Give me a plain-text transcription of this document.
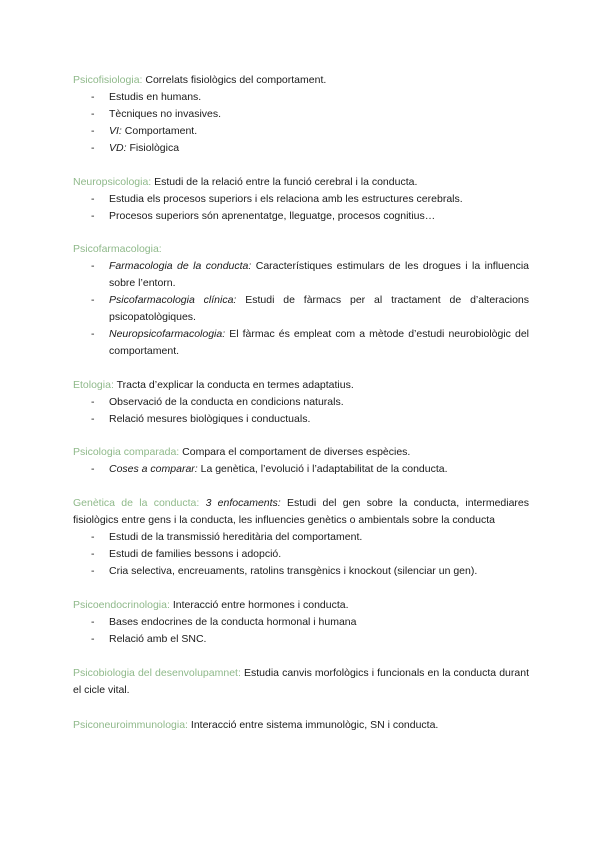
Psicofisiologia: Correlats fisiològics del comportament.

- Estudis en humans.
- Tècniques no invasives.
- VI: Comportament.
- VD: Fisiològica

Neuropsicologia: Estudi de la relació entre la funció cerebral i la conducta.

- Estudia els procesos superiors i els relaciona amb les estructures cerebrals.
- Procesos superiors són aprenentatge, lleguatge, procesos cognitius…

Psicofarmacologia:

- Farmacologia de la conducta: Característiques estimulars de les drogues i la influencia sobre l’entorn.
- Psicofarmacologia clínica: Estudi de fàrmacs per al tractament de d’alteracions psicopatològiques.
- Neuropsicofarmacologia: El fàrmac és empleat com a mètode d’estudi neurobiològic del comportament.

Etologia: Tracta d’explicar la conducta en termes adaptatius.

- Observació de la conducta en condicions naturals.
- Relació mesures biològiques i conductuals.

Psicologia comparada: Compara el comportament de diverses espècies.

- Coses a comparar: La genètica, l’evolució i l’adaptabilitat de la conducta.

Genètica de la conducta: 3 enfocaments: Estudi del gen sobre la conducta, intermediares fisiològics entre gens i la conducta, les influencies genètics o ambientals sobre la conducta

- Estudi de la transmissió hereditària del comportament.
- Estudi de families bessons i adopció.
- Cria selectiva, encreuaments, ratolins transgènics i knockout (silenciar un gen).

Psicoendocrinologia: Interacció entre hormones i conducta.

- Bases endocrines de la conducta hormonal i humana
- Relació amb el SNC.

Psicobiologia del desenvolupamnet: Estudia canvis morfològics i funcionals en la conducta durant el cicle vital.

Psiconeuroimmunologia: Interacció entre sistema immunològic, SN i conducta.
